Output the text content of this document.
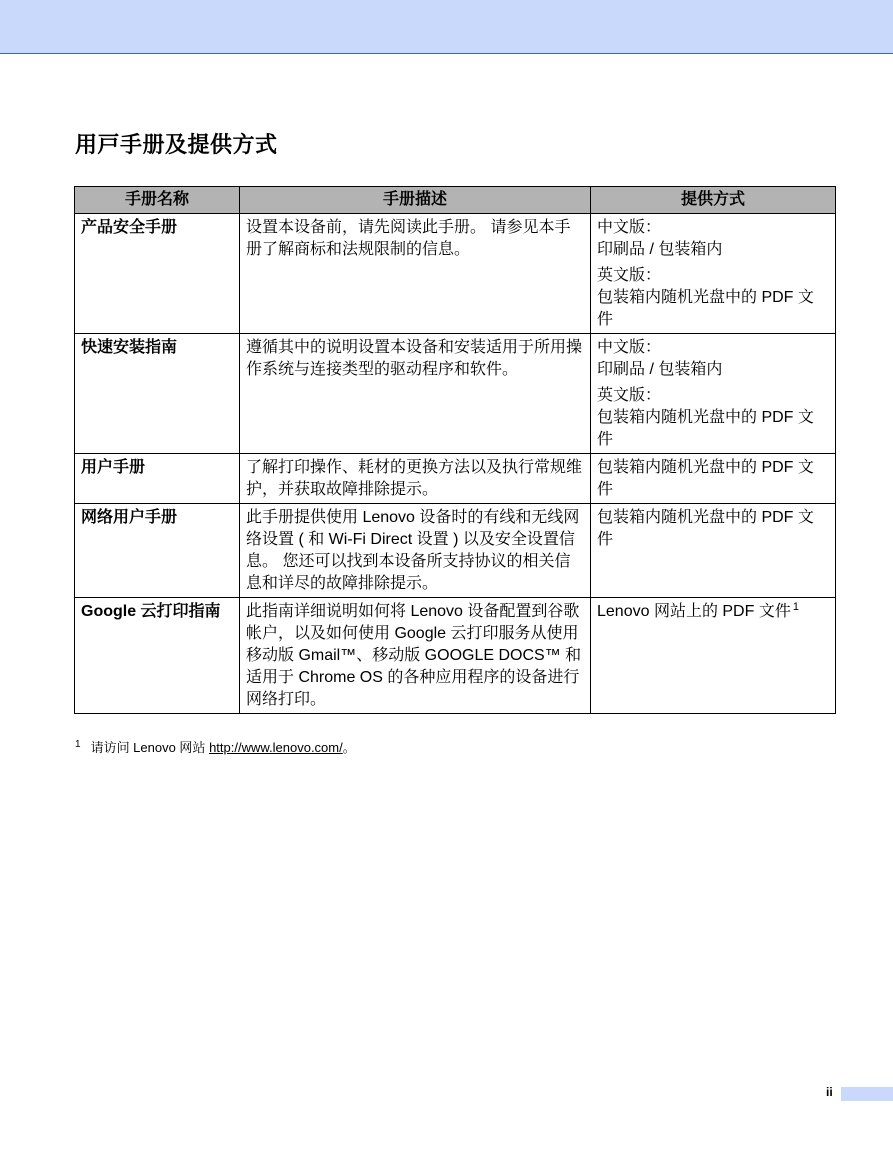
用戸手册及提供方式
手册名称	手册描述	提供方式
产品安全手册	设置本设备前，请先阅读此手册。 请参见本手册了解商标和法规限制的信息。	中文版：
印刷品 / 包装箱内
英文版：
包装箱内随机光盘中的 PDF 文件

快速安装指南	遵循其中的说明设置本设备和安装适用于所用操作系统与连接类型的驱动程序和软件。	中文版：
印刷品 / 包装箱内
英文版：
包装箱内随机光盘中的 PDF 文件

用户手册	了解打印操作、耗材的更换方法以及执行常规维护，并获取故障排除提示。	包装箱内随机光盘中的 PDF 文件

网络用户手册	此手册提供使用 Lenovo 设备时的有线和无线网络设置 ( 和 Wi-Fi Direct 设置 ) 以及安全设置信息。 您还可以找到本设备所支持协议的相关信息和详尽的故障排除提示。	包装箱内随机光盘中的 PDF 文件

Google 云打印指南	此指南详细说明如何将 Lenovo 设备配置到谷歌帐户，以及如何使用 Google 云打印服务从使用移动版 Gmail™、移动版 GOOGLE DOCS™ 和适用于 Chrome OS 的各种应用程序的设备进行网络打印。	Lenovo 网站上的 PDF 文件 $^1$
$^1$ 请访问 Lenovo 网站 http://www.lenovo.com/。
ii
